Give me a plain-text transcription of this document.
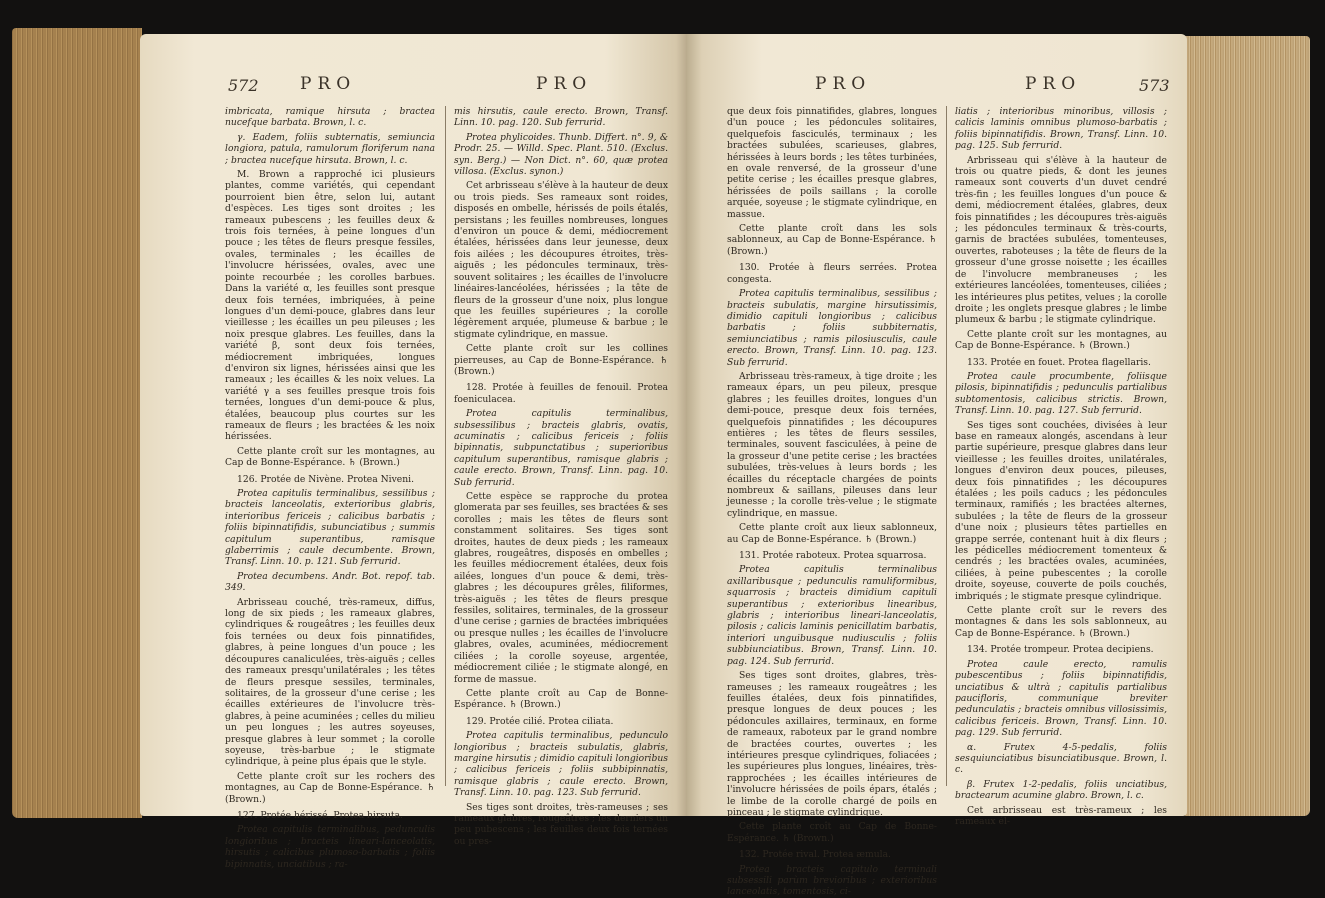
572 PRO	PRO

imbricata, ramique hirsuta ; bractea nucefque barbata. Brown, l. c.

γ. Eadem, foliis subternatis, semiuncia longiora, patula, ramulorum floriferum nana ; bractea nucefque hirsuta. Brown, l. c.

M. Brown a rapproché ici plusieurs plantes, comme variétés, qui cependant pourroient bien être, selon lui, autant d'espèces. Les tiges sont droites ; les rameaux pubescens ; les feuilles deux & trois fois ternées, à peine longues d'un pouce ; les têtes de fleurs presque fessiles, ovales, terminales ; les écailles de l'involucre hérissées, ovales, avec une pointe recourbée ; les corolles barbues. Dans la variété α, les feuilles sont presque deux fois ternées, imbriquées, à peine longues d'un demi-pouce, glabres dans leur vieillesse ; les écailles un peu pileuses ; les noix presque glabres. Les feuilles, dans la variété β, sont deux fois ternées, médiocrement imbriquées, longues d'environ six lignes, hérissées ainsi que les rameaux ; les écailles & les noix velues. La variété γ a ses feuilles presque trois fois ternées, longues d'un demi-pouce & plus, étalées, beaucoup plus courtes sur les rameaux de fleurs ; les bractées & les noix hérissées.

Cette plante croît sur les montagnes, au Cap de Bonne-Espérance. ♄ (Brown.)

126. Protée de Nivène. Protea Niveni.

Protea capitulis terminalibus, sessilibus ; bracteis lanceolatis, exterioribus glabris, interioribus fericeis ; calicibus barbatis ; foliis bipinnatifidis, subunciatibus ; summis capitulum superantibus, ramisque glaberrimis ; caule decumbente. Brown, Transf. Linn. 10. p. 121. Sub ferrurid.

Protea decumbens. Andr. Bot. repof. tab. 349.

Arbrisseau couché, très-rameux, diffus, long de six pieds ; les rameaux glabres, cylindriques & rougeâtres ; les feuilles deux fois ternées ou deux fois pinnatifides, glabres, à peine longues d'un pouce ; les découpures canaliculées, très-aiguës ; celles des rameaux presqu'unilatérales ; les têtes de fleurs presque sessiles, terminales, solitaires, de la grosseur d'une cerise ; les écailles extérieures de l'involucre très-glabres, à peine acuminées ; celles du milieu un peu longues ; les autres soyeuses, presque glabres à leur sommet ; la corolle soyeuse, très-barbue ; le stigmate cylindrique, à peine plus épais que le style.

Cette plante croît sur les rochers des montagnes, au Cap de Bonne-Espérance. ♄ (Brown.)

127. Protée hérissé. Protea hirsuta.

Protea capitulis terminalibus, pedunculis longioribus ; bracteis lineari-lanceolatis, hirsutis ; calicibus plumoso-barbatis ; foliis bipinnatis, unciatibus ; ra-

mis hirsutis, caule erecto. Brown, Transf. Linn. 10. pag. 120. Sub ferrurid.

Protea phylicoides. Thunb. Differt. n°. 9, & Prodr. 25. — Willd. Spec. Plant. 510. (Exclus. syn. Berg.) — Non Dict. n°. 60, quæ protea villosa. (Exclus. synon.)

Cet arbrisseau s'élève à la hauteur de deux ou trois pieds. Ses rameaux sont roides, disposés en ombelle, hérissés de poils étalés, persistans ; les feuilles nombreuses, longues d'environ un pouce & demi, médiocrement étalées, hérissées dans leur jeunesse, deux fois ailées ; les découpures étroites, très-aiguës ; les pédoncules terminaux, très-souvent solitaires ; les écailles de l'involucre linéaires-lancéolées, hérissées ; la tête de fleurs de la grosseur d'une noix, plus longue que les feuilles supérieures ; la corolle légèrement arquée, plumeuse & barbue ; le stigmate cylindrique, en massue.

Cette plante croît sur les collines pierreuses, au Cap de Bonne-Espérance. ♄ (Brown.)

128. Protée à feuilles de fenouil. Protea foeniculacea.

Protea capitulis terminalibus, subsessilibus ; bracteis glabris, ovatis, acuminatis ; calicibus fericeis ; foliis bipinnatis, subpunctatibus ; superioribus capitulum superantibus, ramisque glabris ; caule erecto. Brown, Transf. Linn. pag. 10. Sub ferrurid.

Cette espèce se rapproche du protea glomerata par ses feuilles, ses bractées & ses corolles ; mais les têtes de fleurs sont constamment solitaires. Ses tiges sont droites, hautes de deux pieds ; les rameaux glabres, rougeâtres, disposés en ombelles ; les feuilles médiocrement étalées, deux fois ailées, longues d'un pouce & demi, très-glabres ; les découpures grêles, filiformes, très-aiguës ; les têtes de fleurs presque fessiles, solitaires, terminales, de la grosseur d'une cerise ; garnies de bractées imbriquées ou presque nulles ; les écailles de l'involucre glabres, ovales, acuminées, médiocrement ciliées ; la corolle soyeuse, argentée, médiocrement ciliée ; le stigmate alongé, en forme de massue.

Cette plante croît au Cap de Bonne-Espérance. ♄ (Brown.)

129. Protée cilié. Protea ciliata.

Protea capitulis terminalibus, pedunculo longioribus ; bracteis subulatis, glabris, margine hirsutis ; dimidio capituli longioribus ; calicibus fericeis ; foliis subbipinnatis, ramisque glabris ; caule erecto. Brown, Transf. Linn. 10. pag. 123. Sub ferrurid.

Ses tiges sont droites, très-rameuses ; ses rameaux glabres, rougeâtres ; les derniers un peu pubescens ; les feuilles deux fois ternées ou pres-

PRO	PRO	573

que deux fois pinnatifides, glabres, longues d'un pouce ; les pédoncules solitaires, quelquefois fasciculés, terminaux ; les bractées subulées, scarieuses, glabres, hérissées à leurs bords ; les têtes turbinées, en ovale renversé, de la grosseur d'une petite cerise ; les écailles presque glabres, hérissées de poils saillans ; la corolle arquée, soyeuse ; le stigmate cylindrique, en massue.

Cette plante croît dans les sols sablonneux, au Cap de Bonne-Espérance. ♄ (Brown.)

130. Protée à fleurs serrées. Protea congesta.

Protea capitulis terminalibus, sessilibus ; bracteis subulatis, margine hirsutissimis, dimidio capituli longioribus ; calicibus barbatis ; foliis subbiternatis, semiunciatibus ; ramis pilosiusculis, caule erecto. Brown, Transf. Linn. 10. pag. 123. Sub ferrurid.

Arbrisseau très-rameux, à tige droite ; les rameaux épars, un peu pileux, presque glabres ; les feuilles droites, longues d'un demi-pouce, presque deux fois ternées, quelquefois pinnatifides ; les découpures entières ; les têtes de fleurs sessiles, terminales, souvent fasciculées, à peine de la grosseur d'une petite cerise ; les bractées subulées, très-velues à leurs bords ; les écailles du réceptacle chargées de points nombreux & saillans, pileuses dans leur jeunesse ; la corolle très-velue ; le stigmate cylindrique, en massue.

Cette plante croît aux lieux sablonneux, au Cap de Bonne-Espérance. ♄ (Brown.)

131. Protée raboteux. Protea squarrosa.

Protea capitulis terminalibus axillaribusque ; pedunculis ramuliformibus, squarrosis ; bracteis dimidium capituli superantibus ; exterioribus linearibus, glabris ; interioribus lineari-lanceolatis, pilosis ; calicis laminis penicillatim barbatis, interiori unguibusque nudiusculis ; foliis subbiunciatibus. Brown, Transf. Linn. 10. pag. 124. Sub ferrurid.

Ses tiges sont droites, glabres, très-rameuses ; les rameaux rougeâtres ; les feuilles étalées, deux fois pinnatifides, presque longues de deux pouces ; les pédoncules axillaires, terminaux, en forme de rameaux, raboteux par le grand nombre de bractées courtes, ouvertes ; les intérieures presque cylindriques, foliacées ; les supérieures plus longues, linéaires, très-rapprochées ; les écailles intérieures de l'involucre hérissées de poils épars, étalés ; le limbe de la corolle chargé de poils en pinceau ; le stigmate cylindrique.

Cette plante croît au Cap de Bonne-Espérance. ♄ (Brown.)

132. Protée rival. Protea æmula.

Protea bracteis capitulo terminali subsessili parùm brevioribus ; exterioribus lanceolatis, tomentosis, ci-

liatis ; interioribus minoribus, villosis ; calicis laminis omnibus plumoso-barbatis ; foliis bipinnatifidis. Brown, Transf. Linn. 10. pag. 125. Sub ferrurid.

Arbrisseau qui s'élève à la hauteur de trois ou quatre pieds, & dont les jeunes rameaux sont couverts d'un duvet cendré très-fin ; les feuilles longues d'un pouce & demi, médiocrement étalées, glabres, deux fois pinnatifides ; les découpures très-aiguës ; les pédoncules terminaux & très-courts, garnis de bractées subulées, tomenteuses, ouvertes, raboteuses ; la tête de fleurs de la grosseur d'une grosse noisette ; les écailles de l'involucre membraneuses ; les extérieures lancéolées, tomenteuses, ciliées ; les intérieures plus petites, velues ; la corolle droite ; les onglets presque glabres ; le limbe plumeux & barbu ; le stigmate cylindrique.

Cette plante croît sur les montagnes, au Cap de Bonne-Espérance. ♄ (Brown.)

133. Protée en fouet. Protea flagellaris.

Protea caule procumbente, foliisque pilosis, bipinnatifidis ; pedunculis partialibus subtomentosis, calicibus strictis. Brown, Transf. Linn. 10. pag. 127. Sub ferrurid.

Ses tiges sont couchées, divisées à leur base en rameaux alongés, ascendans à leur partie supérieure, presque glabres dans leur vieillesse ; les feuilles droites, unilatérales, longues d'environ deux pouces, pileuses, deux fois pinnatifides ; les découpures étalées ; les poils caducs ; les pédoncules terminaux, ramifiés ; les bractées alternes, subulées ; la tête de fleurs de la grosseur d'une noix ; plusieurs têtes partielles en grappe serrée, contenant huit à dix fleurs ; les pédicelles médiocrement tomenteux & cendrés ; les bractées ovales, acuminées, ciliées, à peine pubescentes ; la corolle droite, soyeuse, couverte de poils couchés, imbriqués ; le stigmate presque cylindrique.

Cette plante croît sur le revers des montagnes & dans les sols sablonneux, au Cap de Bonne-Espérance. ♄ (Brown.)

134. Protée trompeur. Protea decipiens.

Protea caule erecto, ramulis pubescentibus ; foliis bipinnatifidis, unciatibus & ultrà ; capitulis partialibus paucifloris, communique breviter pedunculatis ; bracteis omnibus villosissimis, calicibus fericeis. Brown, Transf. Linn. 10. pag. 129. Sub ferrurid.

α. Frutex 4-5-pedalis, foliis sesquiunciatibus bisunciatibusque. Brown, l. c.

β. Frutex 1-2-pedalis, foliis unciatibus, bractearum acumine glabro. Brown, l. c.

Cet arbrisseau est très-rameux ; les rameaux él-
